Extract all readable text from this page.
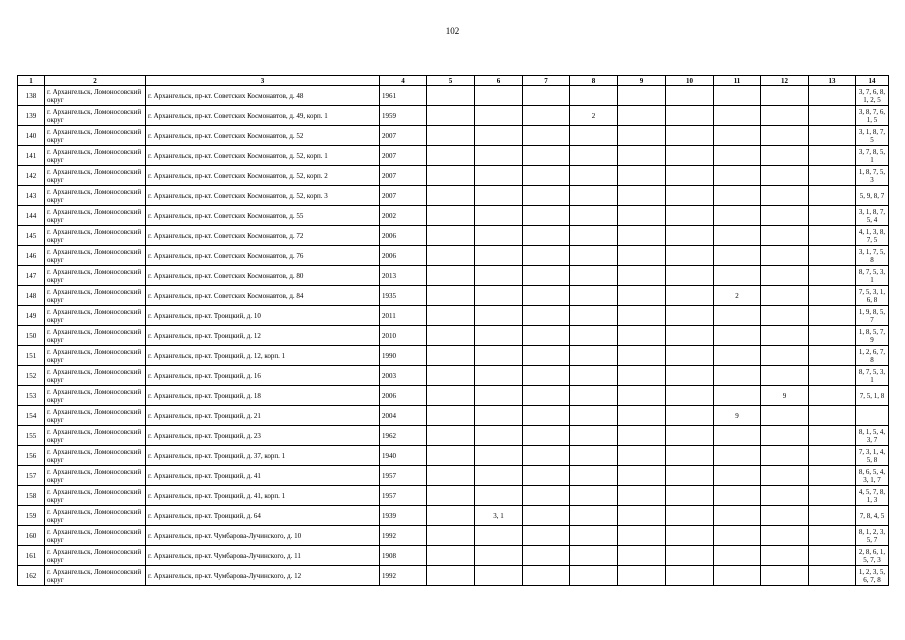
102
1	2	3	4	5	6	7	8	9	10	11	12	13	14
138	г. Архангельск, Ломоносовский округ	г. Архангельск, пр-кт. Советских Космонавтов, д. 48	1961										3, 7, 6, 8, 1, 2, 5
139	г. Архангельск, Ломоносовский округ	г. Архангельск, пр-кт. Советских Космонавтов, д. 49, корп. 1	1959				2						3, 8, 7, 6, 1, 5
140	г. Архангельск, Ломоносовский округ	г. Архангельск, пр-кт. Советских Космонавтов, д. 52	2007										3, 1, 8, 7, 5
141	г. Архангельск, Ломоносовский округ	г. Архангельск, пр-кт. Советских Космонавтов, д. 52, корп. 1	2007										3, 7, 8, 5, 1
142	г. Архангельск, Ломоносовский округ	г. Архангельск, пр-кт. Советских Космонавтов, д. 52, корп. 2	2007										1, 8, 7, 5, 3
143	г. Архангельск, Ломоносовский округ	г. Архангельск, пр-кт. Советских Космонавтов, д. 52, корп. 3	2007										5, 9, 8, 7
144	г. Архангельск, Ломоносовский округ	г. Архангельск, пр-кт. Советских Космонавтов, д. 55	2002										3, 1, 8, 7, 5, 4
145	г. Архангельск, Ломоносовский округ	г. Архангельск, пр-кт. Советских Космонавтов, д. 72	2006										4, 1, 3, 8, 7, 5
146	г. Архангельск, Ломоносовский округ	г. Архангельск, пр-кт. Советских Космонавтов, д. 76	2006										3, 1, 7, 5, 8
147	г. Архангельск, Ломоносовский округ	г. Архангельск, пр-кт. Советских Космонавтов, д. 80	2013										8, 7, 5, 3, 1
148	г. Архангельск, Ломоносовский округ	г. Архангельск, пр-кт. Советских Космонавтов, д. 84	1935							2			7, 5, 3, 1, 6, 8
149	г. Архангельск, Ломоносовский округ	г. Архангельск, пр-кт. Троицкий, д. 10	2011										1, 9, 8, 5, 7
150	г. Архангельск, Ломоносовский округ	г. Архангельск, пр-кт. Троицкий, д. 12	2010										1, 8, 5, 7, 9
151	г. Архангельск, Ломоносовский округ	г. Архангельск, пр-кт. Троицкий, д. 12, корп. 1	1990										1, 2, 6, 7, 8
152	г. Архангельск, Ломоносовский округ	г. Архангельск, пр-кт. Троицкий, д. 16	2003										8, 7, 5, 3, 1
153	г. Архангельск, Ломоносовский округ	г. Архангельск, пр-кт. Троицкий, д. 18	2006								9		7, 5, 1, 8
154	г. Архангельск, Ломоносовский округ	г. Архангельск, пр-кт. Троицкий, д. 21	2004							9			
155	г. Архангельск, Ломоносовский округ	г. Архангельск, пр-кт. Троицкий, д. 23	1962										8, 1, 5, 4, 3, 7
156	г. Архангельск, Ломоносовский округ	г. Архангельск, пр-кт. Троицкий, д. 37, корп. 1	1940										7, 3, 1, 4, 5, 8
157	г. Архангельск, Ломоносовский округ	г. Архангельск, пр-кт. Троицкий, д. 41	1957										8, 6, 5, 4, 3, 1, 7
158	г. Архангельск, Ломоносовский округ	г. Архангельск, пр-кт. Троицкий, д. 41, корп. 1	1957										4, 5, 7, 8, 1, 3
159	г. Архангельск, Ломоносовский округ	г. Архангельск, пр-кт. Троицкий, д. 64	1939		3, 1								7, 8, 4, 5
160	г. Архангельск, Ломоносовский округ	г. Архангельск, пр-кт. Чумбарова-Лучинского, д. 10	1992										8, 1, 2, 3, 5, 7
161	г. Архангельск, Ломоносовский округ	г. Архангельск, пр-кт. Чумбарова-Лучинского, д. 11	1908										2, 8, 6, 1, 5, 7, 3
162	г. Архангельск, Ломоносовский округ	г. Архангельск, пр-кт. Чумбарова-Лучинского, д. 12	1992										1, 2, 3, 5, 6, 7, 8
